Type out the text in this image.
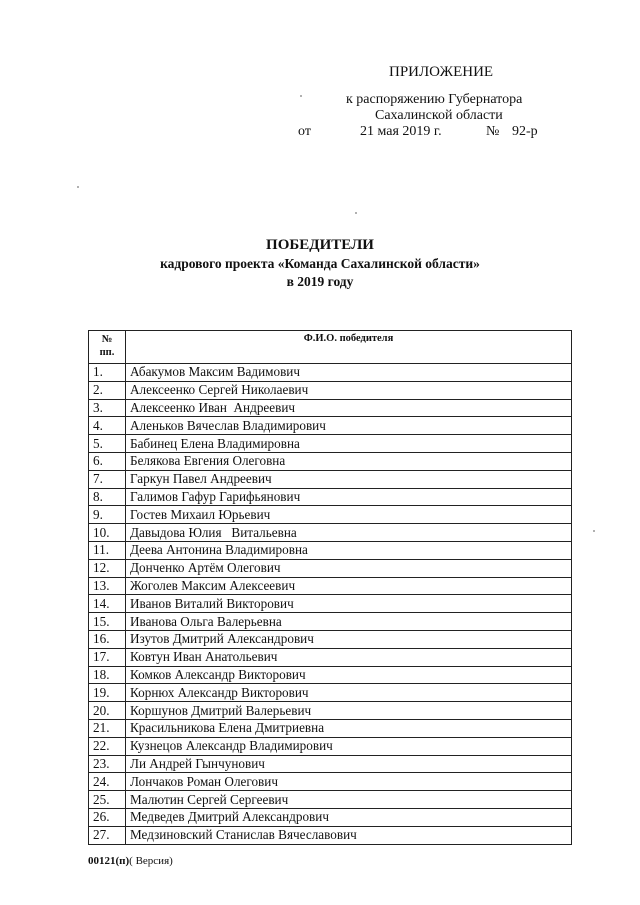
ПРИЛОЖЕНИЕ
к распоряжению Губернатора
Сахалинской области
от	21 мая 2019 г.	№ 92-р
ПОБЕДИТЕЛИ
кадрового проекта «Команда Сахалинской области»
в 2019 году
№
пп.	Ф.И.О. победителя
1.	Абакумов Максим Вадимович
2.	Алексеенко Сергей Николаевич
3.	Алексеенко Иван  Андреевич
4.	Аленьков Вячеслав Владимирович
5.	Бабинец Елена Владимировна
6.	Белякова Евгения Олеговна
7.	Гаркун Павел Андреевич
8.	Галимов Гафур Гарифьянович
9.	Гостев Михаил Юрьевич
10.	Давыдова Юлия   Витальевна
11.	Деева Антонина Владимировна
12.	Донченко Артём Олегович
13.	Жоголев Максим Алексеевич
14.	Иванов Виталий Викторович
15.	Иванова Ольга Валерьевна
16.	Изутов Дмитрий Александрович
17.	Ковтун Иван Анатольевич
18.	Комков Александр Викторович
19.	Корнюх Александр Викторович
20.	Коршунов Дмитрий Валерьевич
21.	Красильникова Елена Дмитриевна
22.	Кузнецов Александр Владимирович
23.	Ли Андрей Гынчунович
24.	Лончаков Роман Олегович
25.	Малютин Сергей Сергеевич
26.	Медведев Дмитрий Александрович
27.	Медзиновский Станислав Вячеславович
00121(п)( Версия)
